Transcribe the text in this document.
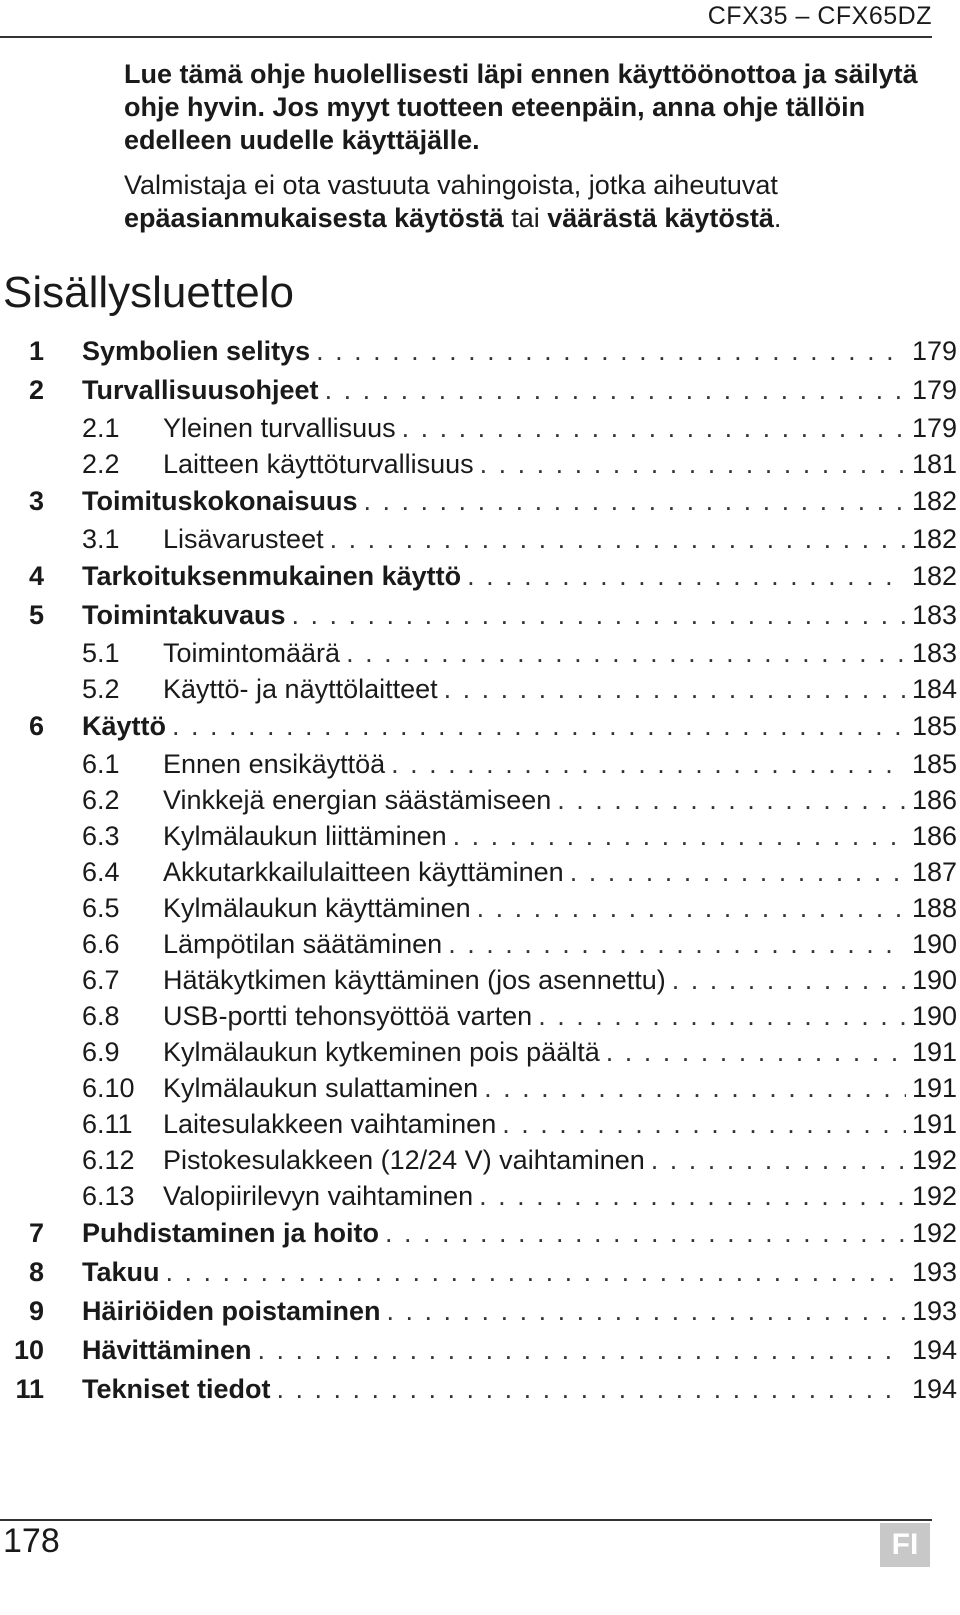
CFX35 – CFX65DZ

Lue tämä ohje huolellisesti läpi ennen käyttöönottoa ja säilytä ohje hyvin. Jos myyt tuotteen eteenpäin, anna ohje tällöin edelleen uudelle käyttäjälle.

Valmistaja ei ota vastuuta vahingoista, jotka aiheutuvat epäasianmukaisesta käytöstä tai väärästä käytöstä.

Sisällysluettelo
1 Symbolien selitys . . .	179
2 Turvallisuusohjeet . . .	179
2.1 Yleinen turvallisuus . . .	179
2.2 Laitteen käyttöturvallisuus . . .	181
3 Toimituskokonaisuus . . .	182
3.1 Lisävarusteet . . .	182
4 Tarkoituksenmukainen käyttö . . .	182
5 Toimintakuvaus . . .	183
5.1 Toimintomäärä . . .	183
5.2 Käyttö- ja näyttölaitteet . . .	184
6 Käyttö . . .	185
6.1 Ennen ensikäyttöä . . .	185
6.2 Vinkkejä energian säästämiseen . . .	186
6.3 Kylmälaukun liittäminen . . .	186
6.4 Akkutarkkailulaitteen käyttäminen . . .	187
6.5 Kylmälaukun käyttäminen . . .	188
6.6 Lämpötilan säätäminen . . .	190
6.7 Hätäkytkimen käyttäminen (jos asennettu) . . .	190
6.8 USB-portti tehonsyöttöä varten . . .	190
6.9 Kylmälaukun kytkeminen pois päältä . . .	191
6.10 Kylmälaukun sulattaminen . . .	191
6.11 Laitesulakkeen vaihtaminen . . .	191
6.12 Pistokesulakkeen (12/24 V) vaihtaminen . . .	192
6.13 Valopiirilevyn vaihtaminen . . .	192
7 Puhdistaminen ja hoito . . .	192
8 Takuu . . .	193
9 Häiriöiden poistaminen . . .	193
10 Hävittäminen . . .	194
11 Tekniset tiedot . . .	194
178	FI
